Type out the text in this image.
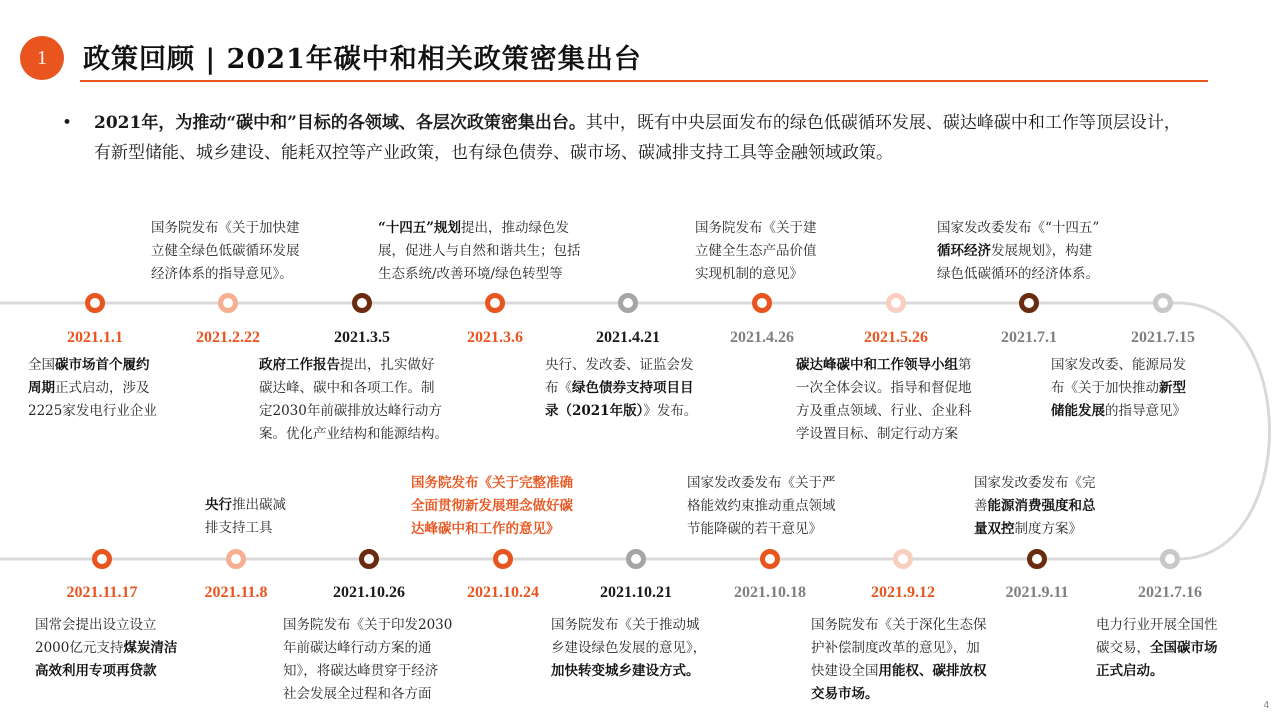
1	政策回顾 | 2021年碳中和相关政策密集出台
• 2021年，为推动“碳中和”目标的各领域、各层次政策密集出台。其中，既有中央层面发布的绿色低碳循环发展、碳达峰碳中和工作等顶层设计，有新型储能、城乡建设、能耗双控等产业政策，也有绿色债券、碳市场、碳减排支持工具等金融领域政策。
2021.1.1	2021.2.22	2021.3.5	2021.3.6	2021.4.21	2021.4.26	2021.5.26	2021.7.1	2021.7.15
国务院发布《关于加快建
立健全绿色低碳循环发展
经济体系的指导意见》。
“十四五”规划提出，推动绿色发
展，促进人与自然和谐共生；包括
生态系统/改善环境/绿色转型等
国务院发布《关于建
立健全生态产品价值
实现机制的意见》
国家发改委发布《“十四五”
循环经济发展规划》，构建
绿色低碳循环的经济体系。
全国碳市场首个履约
周期正式启动，涉及
2225家发电行业企业
政府工作报告提出，扎实做好
碳达峰、碳中和各项工作。制
定2030年前碳排放达峰行动方
案。优化产业结构和能源结构。
央行、发改委、证监会发
布《绿色债券支持项目目
录（2021年版）》发布。
碳达峰碳中和工作领导小组第
一次全体会议。指导和督促地
方及重点领域、行业、企业科
学设置目标、制定行动方案
国家发改委、能源局发
布《关于加快推动新型
储能发展的指导意见》
2021.11.17	2021.11.8	2021.10.26	2021.10.24	2021.10.21	2021.10.18	2021.9.12	2021.9.11	2021.7.16
央行推出碳减
排支持工具
国务院发布《关于完整准确
全面贯彻新发展理念做好碳
达峰碳中和工作的意见》
国家发改委发布《关于严
格能效约束推动重点领域
节能降碳的若干意见》
国家发改委发布《完
善能源消费强度和总
量双控制度方案》
国常会提出设立设立
2000亿元支持煤炭清洁
高效利用专项再贷款
国务院发布《关于印发2030
年前碳达峰行动方案的通
知》，将碳达峰贯穿于经济
社会发展全过程和各方面
国务院发布《关于推动城
乡建设绿色发展的意见》，
加快转变城乡建设方式。
国务院发布《关于深化生态保
护补偿制度改革的意见》，加
快建设全国用能权、碳排放权
交易市场。
电力行业开展全国性
碳交易，全国碳市场
正式启动。
4
